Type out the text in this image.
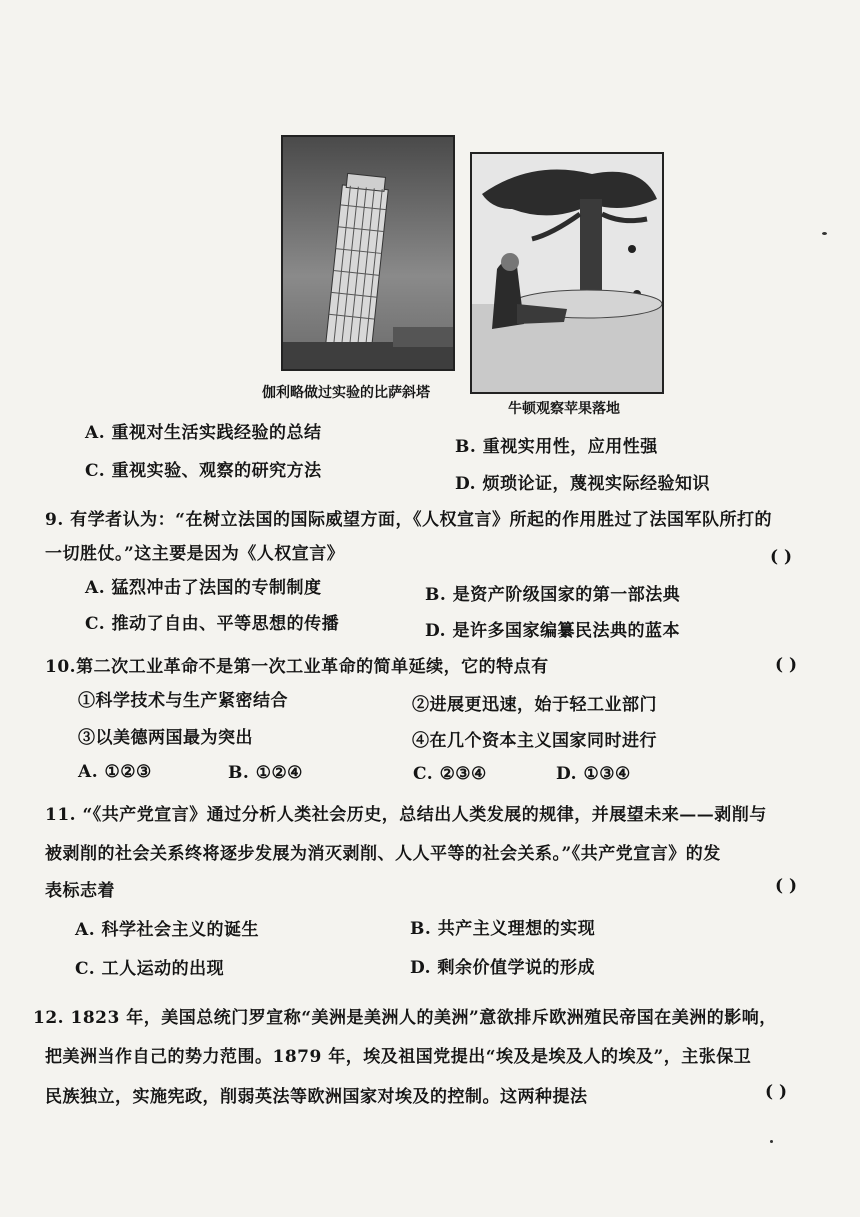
伽利略做过实验的比萨斜塔
牛顿观察苹果落地
A. 重视对生活实践经验的总结
B. 重视实用性，应用性强
C. 重视实验、观察的研究方法
D. 烦琐论证，蔑视实际经验知识
9. 有学者认为：“在树立法国的国际威望方面，《人权宣言》所起的作用胜过了法国军队所打的
一切胜仗。”这主要是因为《人权宣言》	( )
A. 猛烈冲击了法国的专制制度	B. 是资产阶级国家的第一部法典
C. 推动了自由、平等思想的传播	D. 是许多国家编纂民法典的蓝本
10.第二次工业革命不是第一次工业革命的简单延续，它的特点有	( )
①科学技术与生产紧密结合	②进展更迅速，始于轻工业部门
③以美德两国最为突出	④在几个资本主义国家同时进行
A. ①②③	B. ①②④	C. ②③④	D. ①③④
11. “《共产党宣言》通过分析人类社会历史，总结出人类发展的规律，并展望未来——剥削与
被剥削的社会关系终将逐步发展为消灭剥削、人人平等的社会关系。”《共产党宣言》的发
表标志着	( )
A. 科学社会主义的诞生	B. 共产主义理想的实现
C. 工人运动的出现	D. 剩余价值学说的形成
12. 1823 年，美国总统门罗宣称“美洲是美洲人的美洲”意欲排斥欧洲殖民帝国在美洲的影响，
把美洲当作自己的势力范围。1879 年，埃及祖国党提出“埃及是埃及人的埃及”，主张保卫
民族独立，实施宪政，削弱英法等欧洲国家对埃及的控制。这两种提法	( )
